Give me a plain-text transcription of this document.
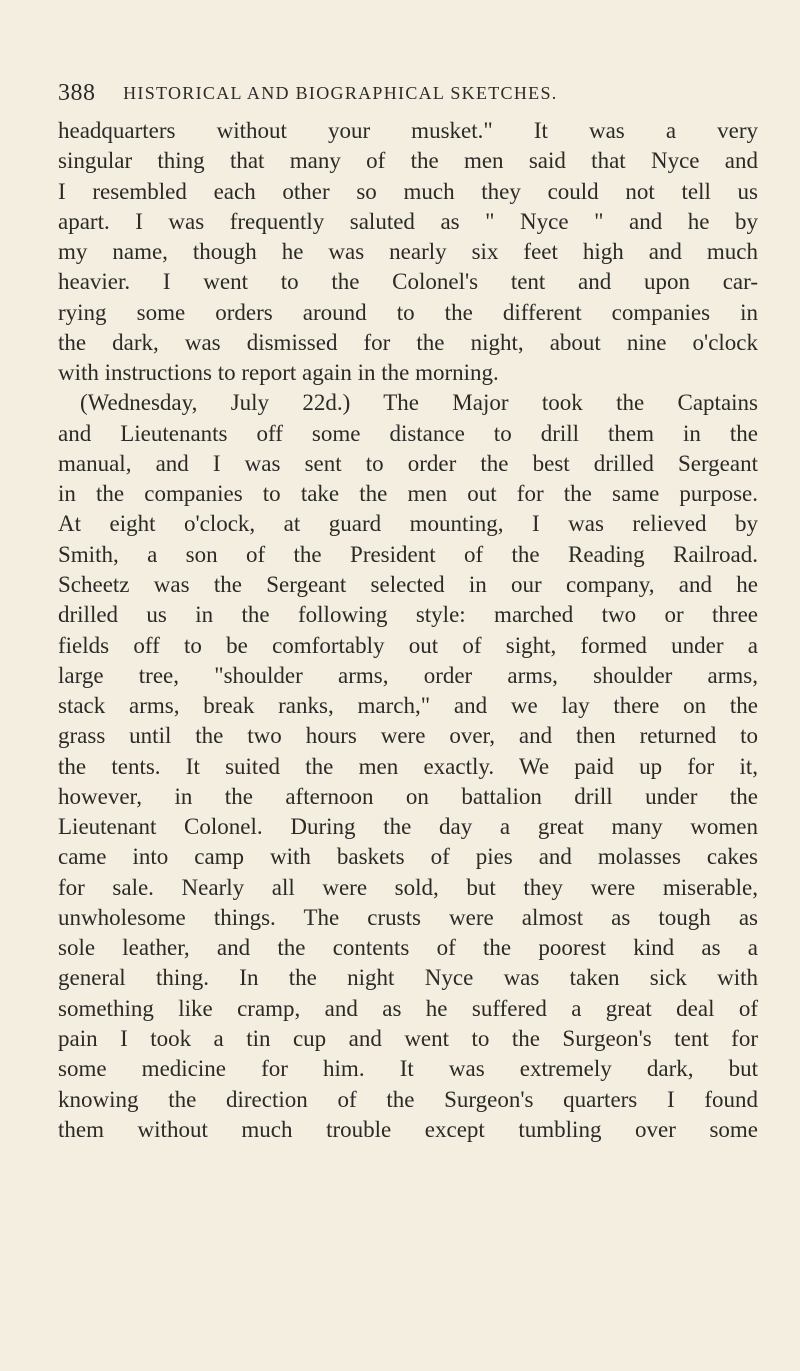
388 HISTORICAL AND BIOGRAPHICAL SKETCHES.
headquarters without your musket." It was a very
singular thing that many of the men said that Nyce and
I resembled each other so much they could not tell us
apart. I was frequently saluted as " Nyce " and he by
my name, though he was nearly six feet high and much
heavier. I went to the Colonel's tent and upon car-
rying some orders around to the different companies in
the dark, was dismissed for the night, about nine o'clock
with instructions to report again in the morning.
(Wednesday, July 22d.) The Major took the Captains
and Lieutenants off some distance to drill them in the
manual, and I was sent to order the best drilled Sergeant
in the companies to take the men out for the same purpose.
At eight o'clock, at guard mounting, I was relieved by
Smith, a son of the President of the Reading Railroad.
Scheetz was the Sergeant selected in our company, and he
drilled us in the following style: marched two or three
fields off to be comfortably out of sight, formed under a
large tree, "shoulder arms, order arms, shoulder arms,
stack arms, break ranks, march," and we lay there on the
grass until the two hours were over, and then returned to
the tents. It suited the men exactly. We paid up for it,
however, in the afternoon on battalion drill under the
Lieutenant Colonel. During the day a great many women
came into camp with baskets of pies and molasses cakes
for sale. Nearly all were sold, but they were miserable,
unwholesome things. The crusts were almost as tough as
sole leather, and the contents of the poorest kind as a
general thing. In the night Nyce was taken sick with
something like cramp, and as he suffered a great deal of
pain I took a tin cup and went to the Surgeon's tent for
some medicine for him. It was extremely dark, but
knowing the direction of the Surgeon's quarters I found
them without much trouble except tumbling over some
